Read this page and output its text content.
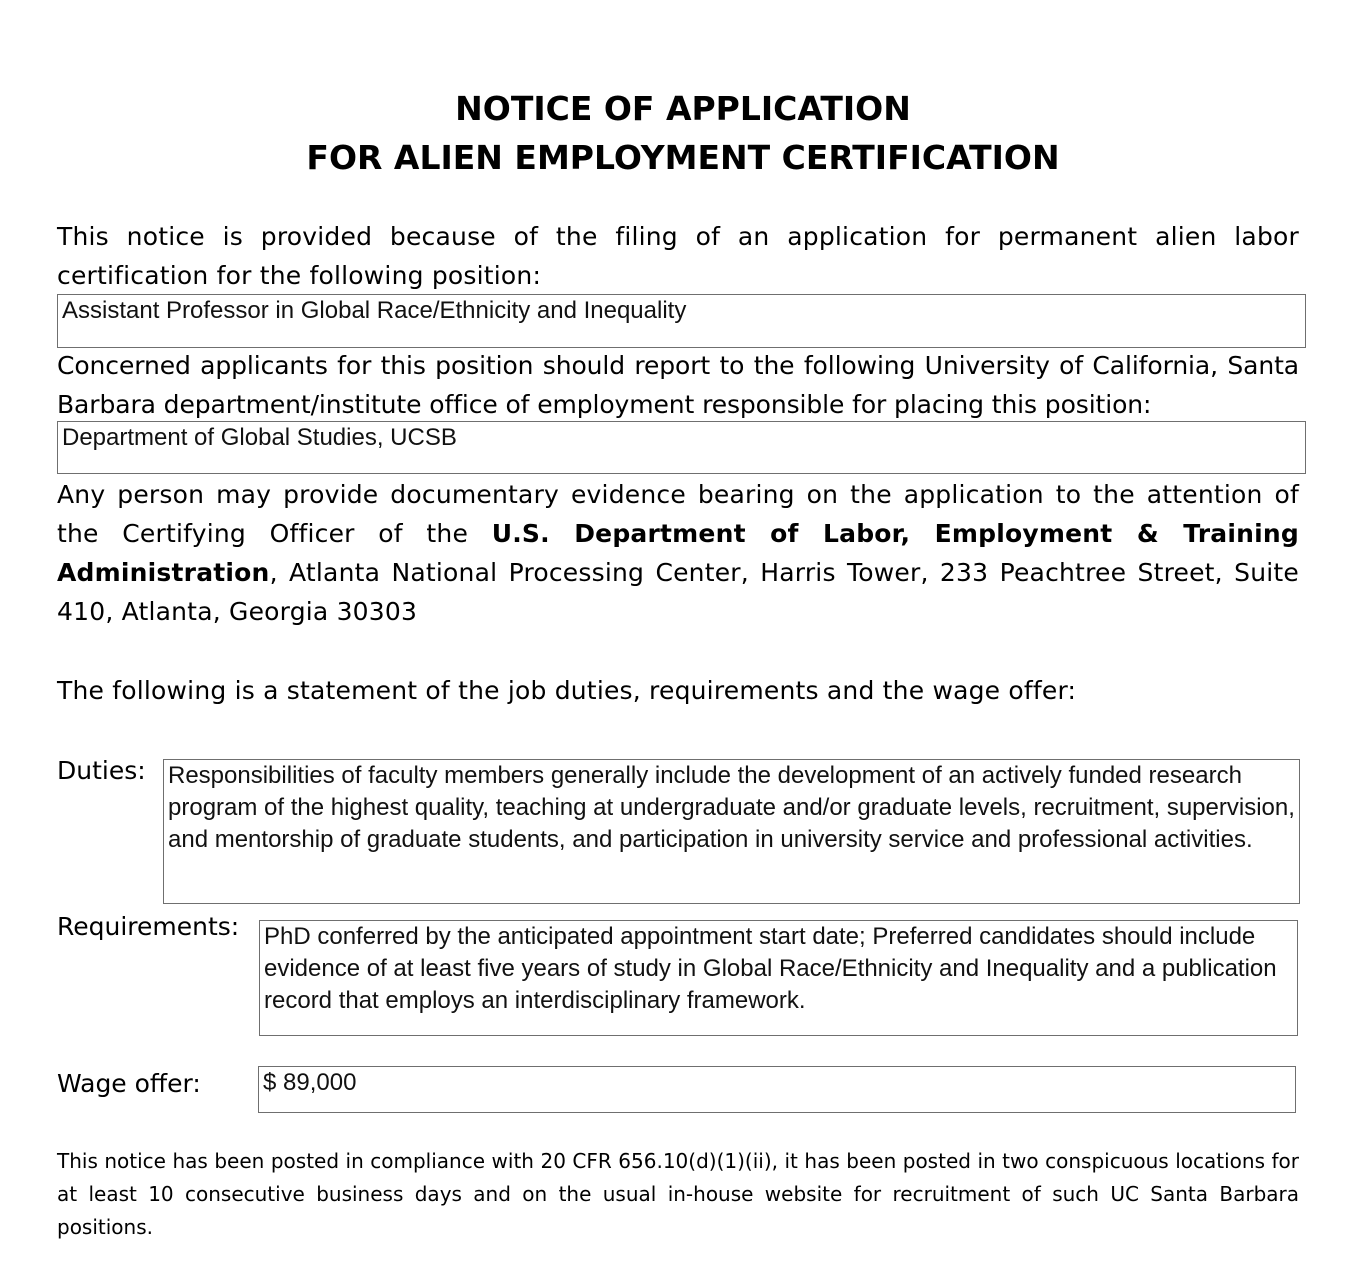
NOTICE OF APPLICATION
FOR ALIEN EMPLOYMENT CERTIFICATION
This notice is provided because of the filing of an application for permanent alien labor certification for the following position:
Assistant Professor in Global Race/Ethnicity and Inequality
Concerned applicants for this position should report to the following University of California, Santa Barbara department/institute office of employment responsible for placing this position:
Department of Global Studies, UCSB
Any person may provide documentary evidence bearing on the application to the attention of the Certifying Officer of the U.S. Department of Labor, Employment & Training Administration, Atlanta National Processing Center, Harris Tower, 233 Peachtree Street, Suite 410, Atlanta, Georgia 30303
The following is a statement of the job duties, requirements and the wage offer:
Duties: Responsibilities of faculty members generally include the development of an actively funded research program of the highest quality, teaching at undergraduate and/or graduate levels, recruitment, supervision, and mentorship of graduate students, and participation in university service and professional activities.
Requirements: PhD conferred by the anticipated appointment start date; Preferred candidates should include evidence of at least five years of study in Global Race/Ethnicity and Inequality and a publication record that employs an interdisciplinary framework.
Wage offer:	$ 89,000
This notice has been posted in compliance with 20 CFR 656.10(d)(1)(ii), it has been posted in two conspicuous locations for at least 10 consecutive business days and on the usual in-house website for recruitment of such UC Santa Barbara positions.
